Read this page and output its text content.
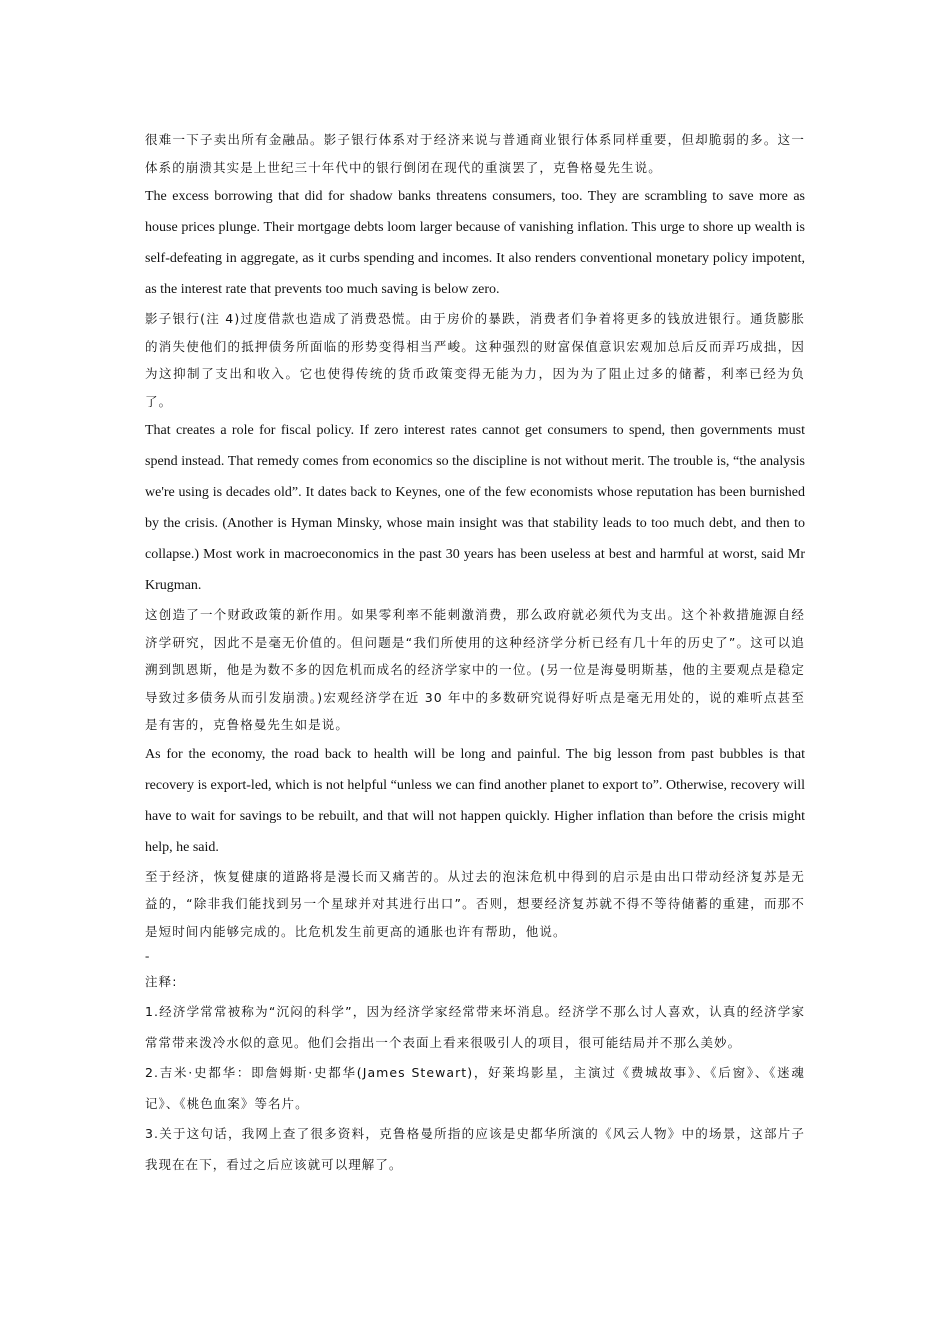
很难一下子卖出所有金融品。影子银行体系对于经济来说与普通商业银行体系同样重要，但却脆弱的多。这一体系的崩溃其实是上世纪三十年代中的银行倒闭在现代的重演罢了，克鲁格曼先生说。

The excess borrowing that did for shadow banks threatens consumers, too. They are scrambling to save more as house prices plunge. Their mortgage debts loom larger because of vanishing inflation. This urge to shore up wealth is self-defeating in aggregate, as it curbs spending and incomes. It also renders conventional monetary policy impotent, as the interest rate that prevents too much saving is below zero.

影子银行(注 4)过度借款也造成了消费恐慌。由于房价的暴跌，消费者们争着将更多的钱放进银行。通货膨胀的消失使他们的抵押债务所面临的形势变得相当严峻。这种强烈的财富保值意识宏观加总后反而弄巧成拙，因为这抑制了支出和收入。它也使得传统的货币政策变得无能为力，因为为了阻止过多的储蓄，利率已经为负了。

That creates a role for fiscal policy. If zero interest rates cannot get consumers to spend, then governments must spend instead. That remedy comes from economics so the discipline is not without merit. The trouble is, “the analysis we're using is decades old”. It dates back to Keynes, one of the few economists whose reputation has been burnished by the crisis. (Another is Hyman Minsky, whose main insight was that stability leads to too much debt, and then to collapse.) Most work in macroeconomics in the past 30 years has been useless at best and harmful at worst, said Mr Krugman.

这创造了一个财政政策的新作用。如果零利率不能刺激消费，那么政府就必须代为支出。这个补救措施源自经济学研究，因此不是毫无价值的。但问题是“我们所使用的这种经济学分析已经有几十年的历史了”。这可以追溯到凯恩斯，他是为数不多的因危机而成名的经济学家中的一位。(另一位是海曼明斯基，他的主要观点是稳定导致过多债务从而引发崩溃。)宏观经济学在近 30 年中的多数研究说得好听点是毫无用处的，说的难听点甚至是有害的，克鲁格曼先生如是说。

As for the economy, the road back to health will be long and painful. The big lesson from past bubbles is that recovery is export-led, which is not helpful “unless we can find another planet to export to”. Otherwise, recovery will have to wait for savings to be rebuilt, and that will not happen quickly. Higher inflation than before the crisis might help, he said.

至于经济，恢复健康的道路将是漫长而又痛苦的。从过去的泡沫危机中得到的启示是由出口带动经济复苏是无益的，“除非我们能找到另一个星球并对其进行出口”。否则，想要经济复苏就不得不等待储蓄的重建，而那不是短时间内能够完成的。比危机发生前更高的通胀也许有帮助，他说。

-
注释:

1.经济学常常被称为“沉闷的科学”，因为经济学家经常带来坏消息。经济学不那么讨人喜欢，认真的经济学家常常带来泼冷水似的意见。他们会指出一个表面上看来很吸引人的项目，很可能结局并不那么美妙。

2.吉米·史都华：即詹姆斯·史都华(James Stewart)，好莱坞影星，主演过《费城故事》、《后窗》、《迷魂记》、《桃色血案》等名片。

3.关于这句话，我网上查了很多资料，克鲁格曼所指的应该是史都华所演的《风云人物》中的场景，这部片子我现在在下，看过之后应该就可以理解了。
